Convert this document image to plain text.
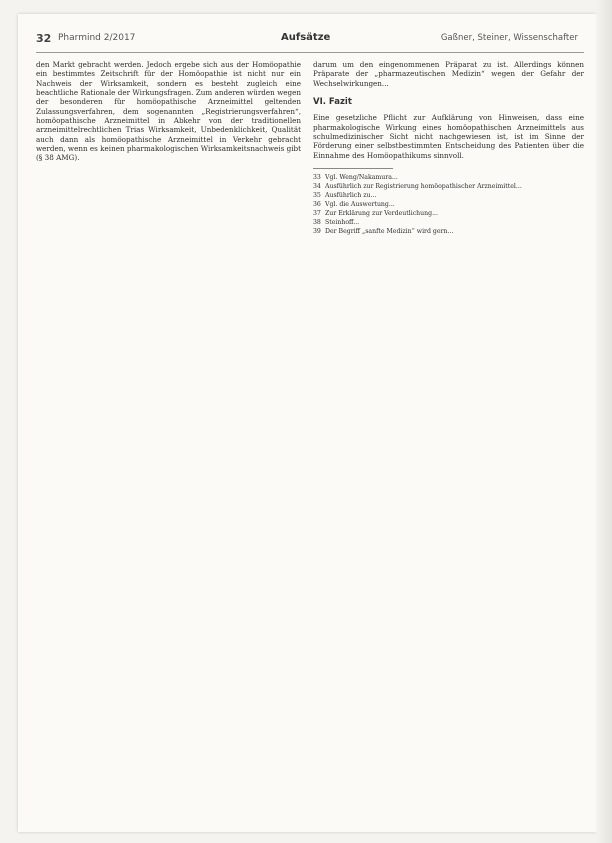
32 Pharmind 2/2017	Aufsätze	Gaßner, Steiner, Wissenschafter

den Markt gebracht werden. Jedoch ergebe sich aus der Homöopathie ein bestimmtes Zeitschrift für der Homöopathie ist nicht nur ein Nachweis der Wirksamkeit, sondern es besteht zugleich eine beachtliche Rationale der Wirkungsfragen. Zum anderen würden wegen der besonderen für homöopathische Arzneimittel geltenden Zulassungsverfahren, dem sogenannten „Registrierungsverfahren“, homöopathische Arzneimittel in Abkehr von der traditionellen arzneimittelrechtlichen Trias Wirksamkeit, Unbedenklichkeit, Qualität auch dann als homöopathische Arzneimittel in Verkehr gebracht werden, wenn es keinen pharmakologischen Wirksamkeitsnachweis gibt (§ 38 AMG).

darum um den eingenommenen Präparat zu ist. Allerdings können Präparate der „pharmazeutischen Medizin“ wegen der Gefahr der Wechselwirkungen...

VI. Fazit

Eine gesetzliche Pflicht zur Aufklärung von Hinweisen, dass eine pharmakologische Wirkung eines homöopathischen Arzneimittels aus schulmedizinischer Sicht nicht nachgewiesen ist, ist im Sinne der Förderung einer selbstbestimmten Entscheidung des Patienten über die Einnahme des Homöopathikums sinnvoll.

33 Vgl. Weng/Nakamura...
34 Ausführlich zur Registrierung homöopathischer Arzneimittel...
35 Ausführlich zu...
36 Vgl. die Auswertung...
37 Zur Erklärung zur Verdeutlichung...
38 Steinhoff...
39 Der Begriff „sanfte Medizin“ wird gern...
